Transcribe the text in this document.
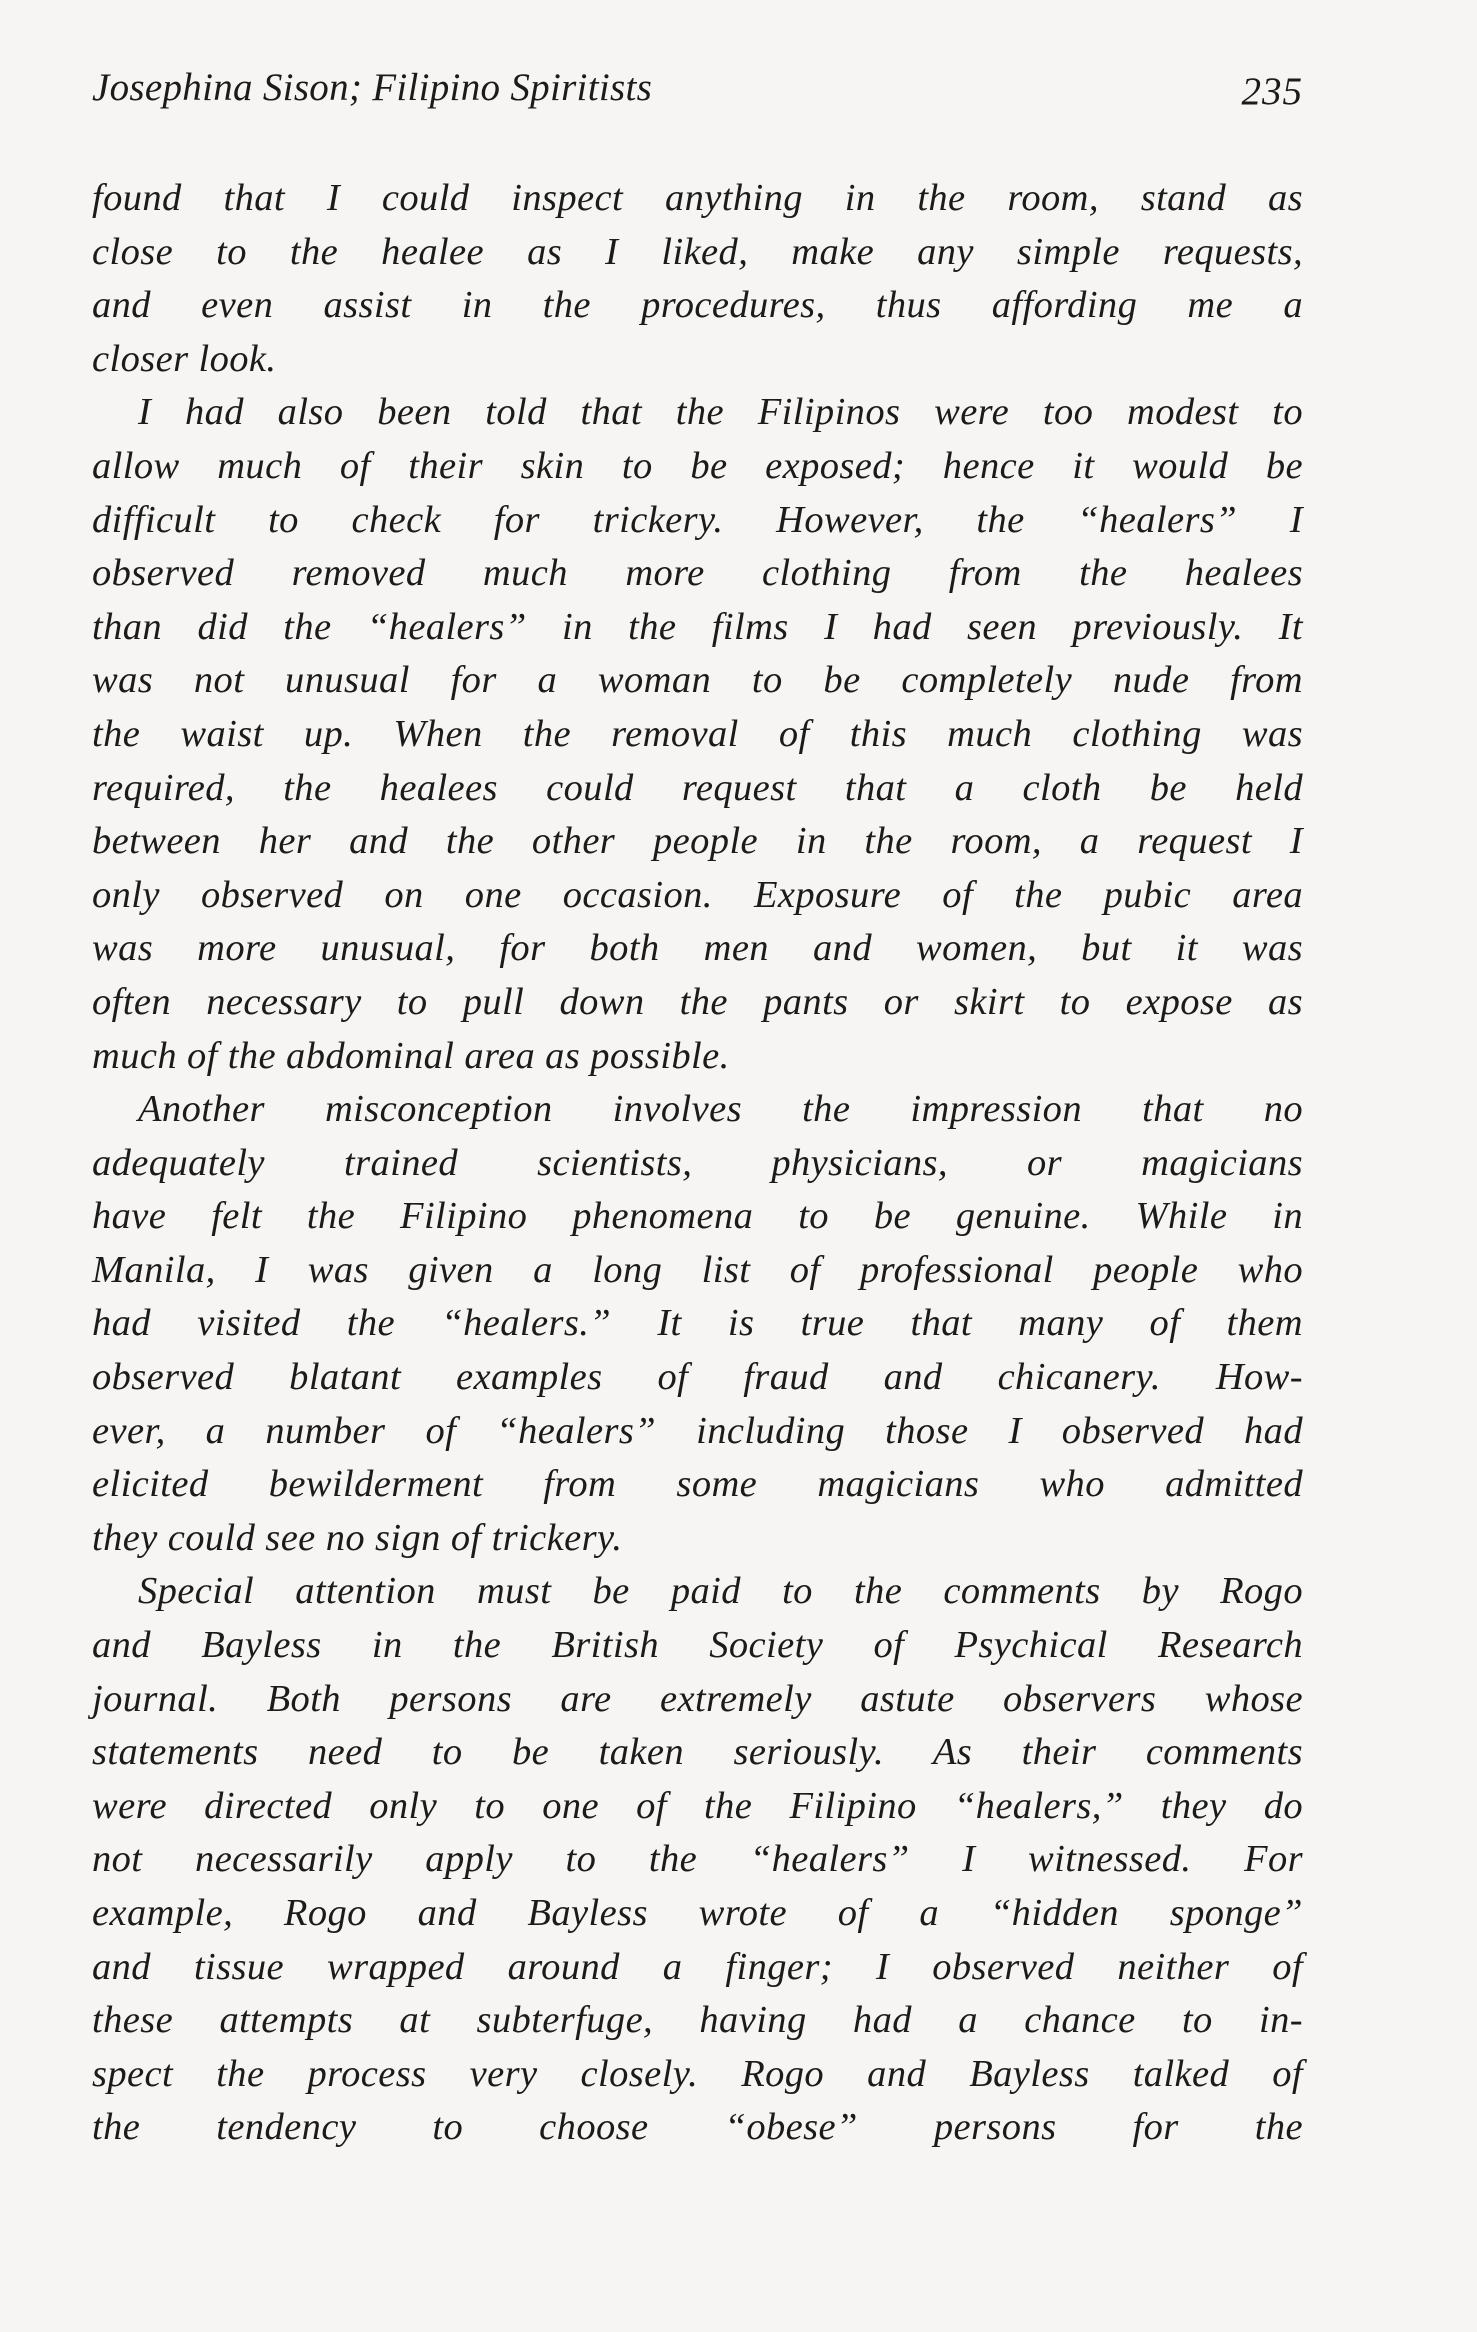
Josephina Sison; Filipino Spiritists	235

found that I could inspect anything in the room, stand as
close to the healee as I liked, make any simple requests,
and even assist in the procedures, thus affording me a
closer look.

I had also been told that the Filipinos were too modest to
allow much of their skin to be exposed; hence it would be
difficult to check for trickery. However, the “healers” I
observed removed much more clothing from the healees
than did the “healers” in the films I had seen previously. It
was not unusual for a woman to be completely nude from
the waist up. When the removal of this much clothing was
required, the healees could request that a cloth be held
between her and the other people in the room, a request I
only observed on one occasion. Exposure of the pubic area
was more unusual, for both men and women, but it was
often necessary to pull down the pants or skirt to expose as
much of the abdominal area as possible.

Another misconception involves the impression that no
adequately trained scientists, physicians, or magicians
have felt the Filipino phenomena to be genuine. While in
Manila, I was given a long list of professional people who
had visited the “healers.” It is true that many of them
observed blatant examples of fraud and chicanery. How-
ever, a number of “healers” including those I observed had
elicited bewilderment from some magicians who admitted
they could see no sign of trickery.

Special attention must be paid to the comments by Rogo
and Bayless in the British Society of Psychical Research
journal. Both persons are extremely astute observers whose
statements need to be taken seriously. As their comments
were directed only to one of the Filipino “healers,” they do
not necessarily apply to the “healers” I witnessed. For
example, Rogo and Bayless wrote of a “hidden sponge”
and tissue wrapped around a finger; I observed neither of
these attempts at subterfuge, having had a chance to in-
spect the process very closely. Rogo and Bayless talked of
the tendency to choose “obese” persons for the
